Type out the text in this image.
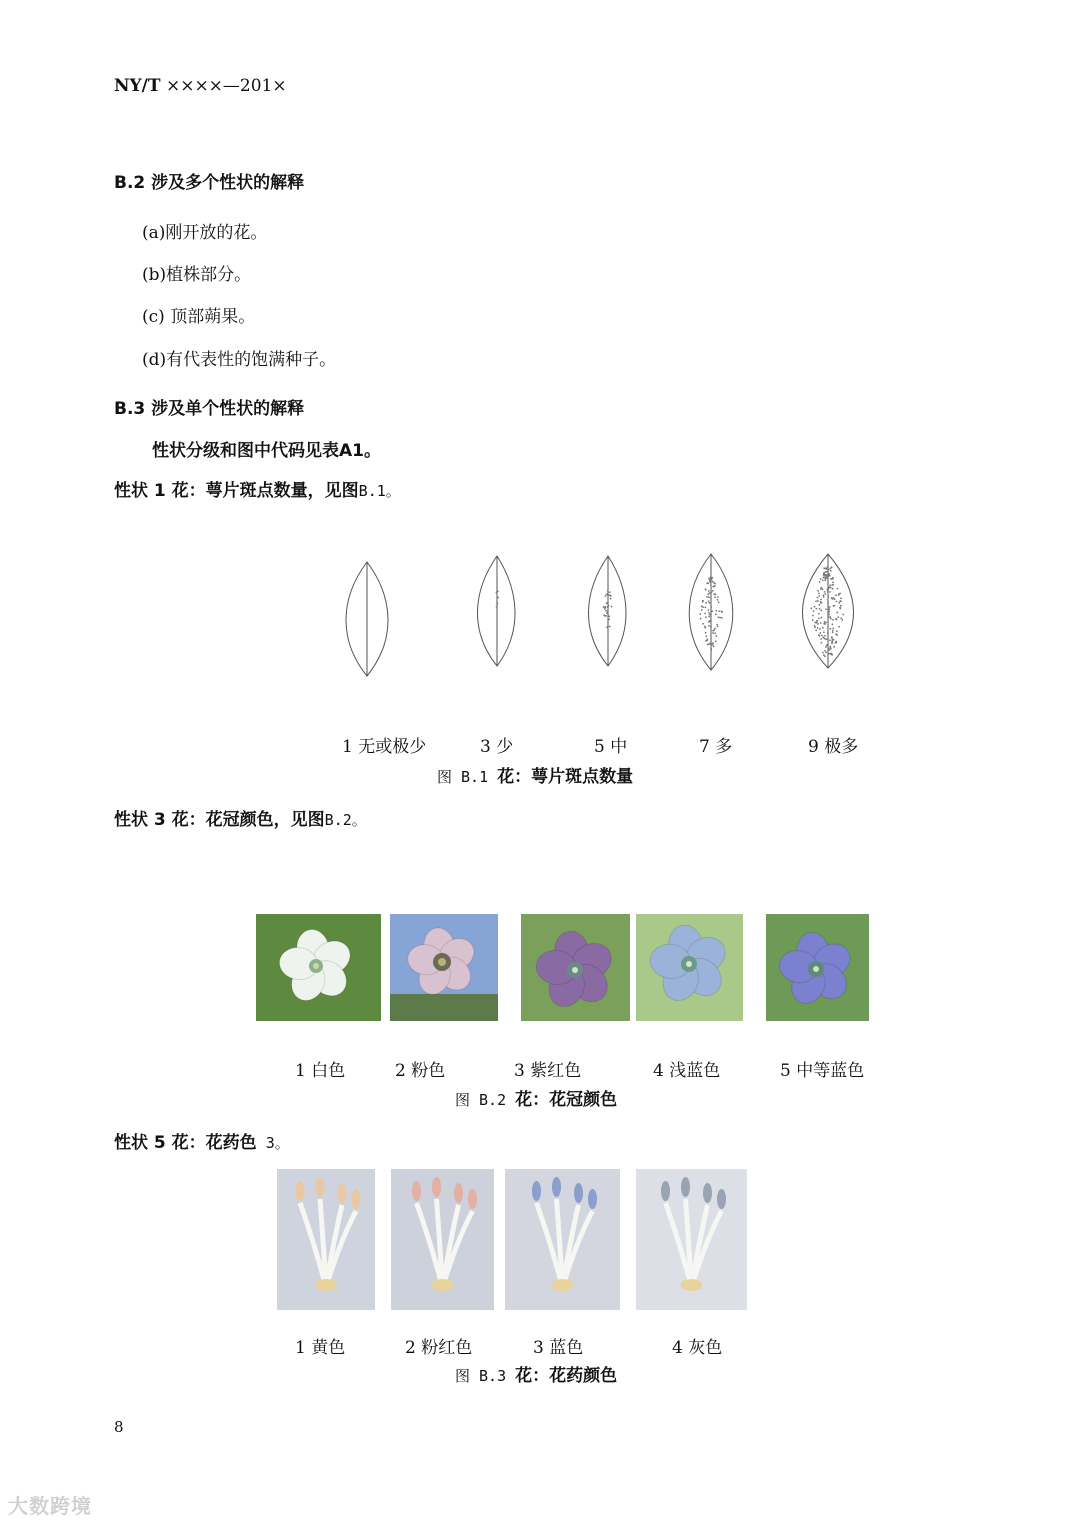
NY/T ××××—201×
B.2 涉及多个性状的解释
(a)刚开放的花。
(b)植株部分。
(c) 顶部蒴果。
(d)有代表性的饱满种子。
B.3 涉及单个性状的解释
性状分级和图中代码见表A1。
性状 1 花：萼片斑点数量，见图B.1。
1 无或极少	3 少	5 中	7 多	9 极多
图 B.1 花：萼片斑点数量
性状 3 花：花冠颜色，见图B.2。
1 白色	2 粉色	3 紫红色	4 浅蓝色	5 中等蓝色
图 B.2 花：花冠颜色
性状 5 花：花药色 3。
1 黄色	2 粉红色	3 蓝色	4 灰色
图 B.3 花：花药颜色
8
大数跨境
